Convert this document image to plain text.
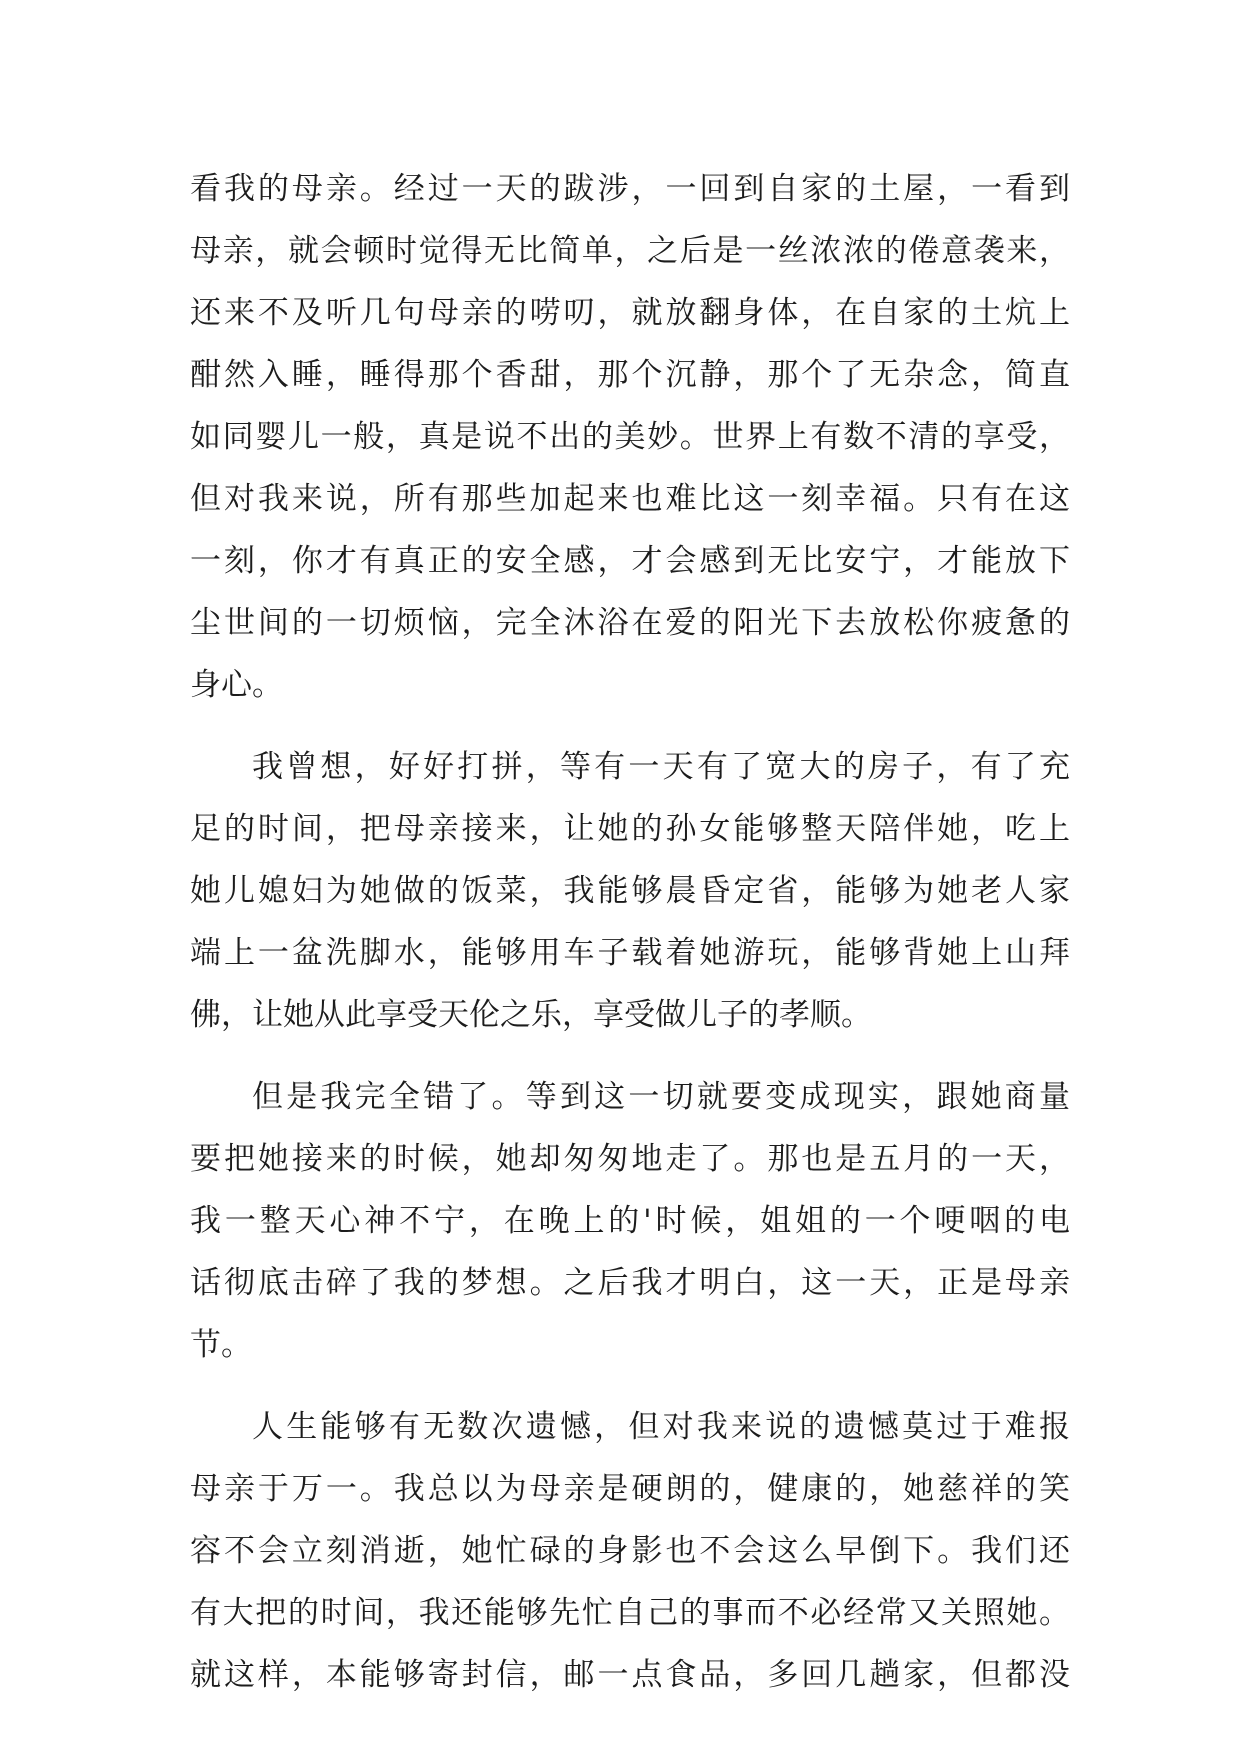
看我的母亲。经过一天的跋涉，一回到自家的土屋，一看到
母亲，就会顿时觉得无比简单，之后是一丝浓浓的倦意袭来，
还来不及听几句母亲的唠叨，就放翻身体，在自家的土炕上
酣然入睡，睡得那个香甜，那个沉静，那个了无杂念，简直
如同婴儿一般，真是说不出的美妙。世界上有数不清的享受，
但对我来说，所有那些加起来也难比这一刻幸福。只有在这
一刻，你才有真正的安全感，才会感到无比安宁，才能放下
尘世间的一切烦恼，完全沐浴在爱的阳光下去放松你疲惫的
身心。
我曾想，好好打拼，等有一天有了宽大的房子，有了充
足的时间，把母亲接来，让她的孙女能够整天陪伴她，吃上
她儿媳妇为她做的饭菜，我能够晨昏定省，能够为她老人家
端上一盆洗脚水，能够用车子载着她游玩，能够背她上山拜
佛，让她从此享受天伦之乐，享受做儿子的孝顺。
但是我完全错了。等到这一切就要变成现实，跟她商量
要把她接来的时候，她却匆匆地走了。那也是五月的一天，
我一整天心神不宁，在晚上的'时候，姐姐的一个哽咽的电
话彻底击碎了我的梦想。之后我才明白，这一天，正是母亲
节。
人生能够有无数次遗憾，但对我来说的遗憾莫过于难报
母亲于万一。我总以为母亲是硬朗的，健康的，她慈祥的笑
容不会立刻消逝，她忙碌的身影也不会这么早倒下。我们还
有大把的时间，我还能够先忙自己的事而不必经常又关照她。
就这样，本能够寄封信，邮一点食品，多回几趟家，但都没
